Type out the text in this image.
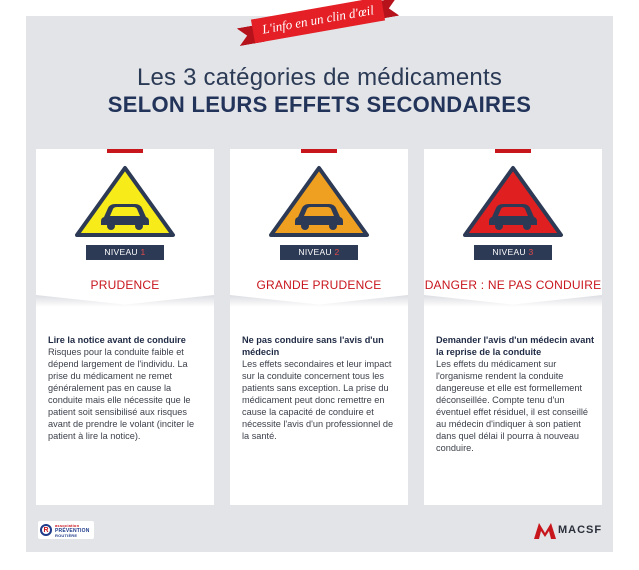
L'info en un clin d'œil
Les 3 catégories de médicaments
SELON LEURS EFFETS SECONDAIRES
NIVEAU 1
PRUDENCE
Lire la notice avant de conduire
Risques pour la conduite faible et dépend largement de l'individu. La prise du médicament ne remet généralement pas en cause la conduite mais elle nécessite que le patient soit sensibilisé aux risques avant de prendre le volant (inciter le patient à lire la notice).
NIVEAU 2
GRANDE PRUDENCE
Ne pas conduire sans l'avis d'un médecin
Les effets secondaires et leur impact sur la conduite concernent tous les patients sans exception. La prise du médicament peut donc remettre en cause la capacité de conduire et nécessite l'avis d'un professionnel de la santé.
NIVEAU 3
DANGER : NE PAS CONDUIRE
Demander l'avis d'un médecin avant la reprise de la conduite
Les effets du médicament sur l'organisme rendent la conduite dangereuse et elle est formellement déconseillée. Compte tenu d'un éventuel effet résiduel, il est conseillé au médecin d'indiquer à son patient dans quel délai il pourra à nouveau conduire.
R
association
PRÉVENTION
ROUTIÈRE	MACSF
